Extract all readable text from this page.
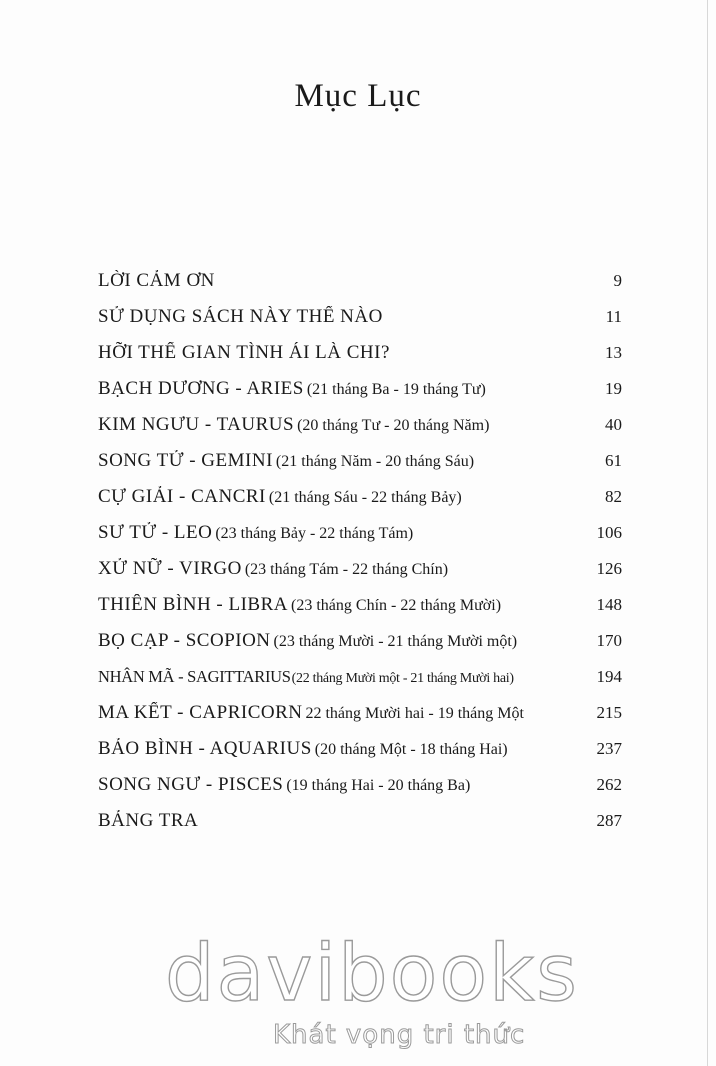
Mục Lục
LỜI CẢM ƠN	9
SỬ DỤNG SÁCH NÀY THẾ NÀO	11
HỠI THẾ GIAN TÌNH ÁI LÀ CHI?	13
BẠCH DƯƠNG - ARIES (21 tháng Ba - 19 tháng Tư)	19
KIM NGƯU - TAURUS (20 tháng Tư - 20 tháng Năm)	40
SONG TỬ - GEMINI (21 tháng Năm - 20 tháng Sáu)	61
CỰ GIẢI - CANCRI (21 tháng Sáu - 22 tháng Bảy)	82
SƯ TỬ - LEO (23 tháng Bảy - 22 tháng Tám)	106
XỬ NỮ - VIRGO (23 tháng Tám - 22 tháng Chín)	126
THIÊN BÌNH - LIBRA (23 tháng Chín - 22 tháng Mười)	148
BỌ CẠP - SCOPION (23 tháng Mười - 21 tháng Mười một)	170
NHÂN MÃ - SAGITTARIUS (22 tháng Mười một - 21 tháng Mười hai)	194
MA KẾT - CAPRICORN 22 tháng Mười hai - 19 tháng Một	215
BẢO BÌNH - AQUARIUS (20 tháng Một - 18 tháng Hai)	237
SONG NGƯ - PISCES (19 tháng Hai - 20 tháng Ba)	262
BẢNG TRA	287
davibooks
Khát vọng tri thức
